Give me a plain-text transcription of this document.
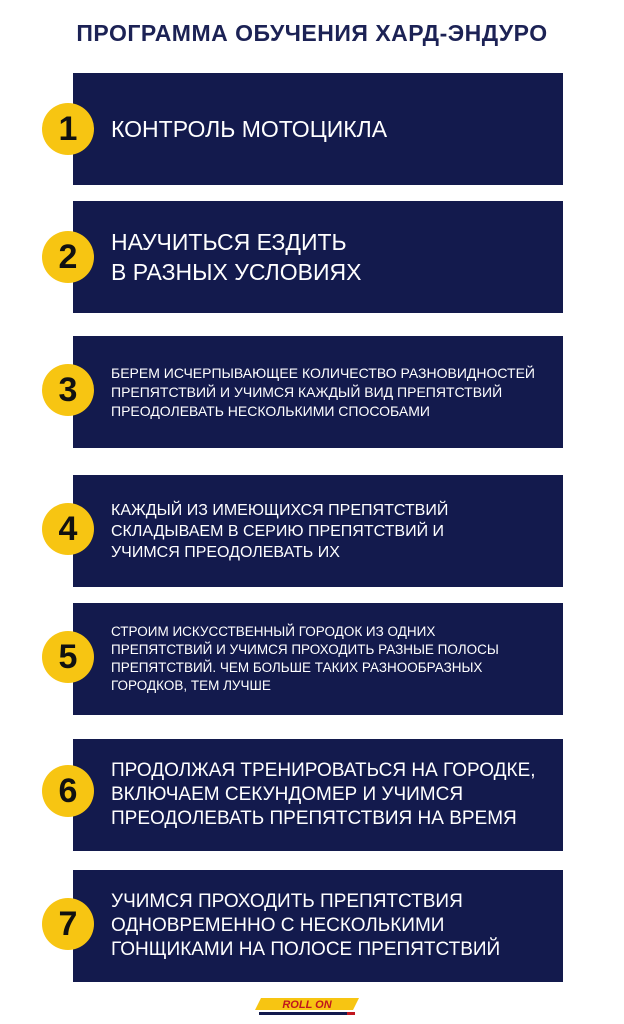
ПРОГРАММА ОБУЧЕНИЯ ХАРД-ЭНДУРО
КОНТРОЛЬ МОТОЦИКЛА
1
НАУЧИТЬСЯ ЕЗДИТЬ
В РАЗНЫХ УСЛОВИЯХ
2
БЕРЕМ ИСЧЕРПЫВАЮЩЕЕ КОЛИЧЕСТВО РАЗНОВИДНОСТЕЙ
ПРЕПЯТСТВИЙ И УЧИМСЯ КАЖДЫЙ ВИД ПРЕПЯТСТВИЙ
ПРЕОДОЛЕВАТЬ НЕСКОЛЬКИМИ СПОСОБАМИ
3
КАЖДЫЙ ИЗ ИМЕЮЩИХСЯ ПРЕПЯТСТВИЙ
СКЛАДЫВАЕМ В СЕРИЮ ПРЕПЯТСТВИЙ И
УЧИМСЯ ПРЕОДОЛЕВАТЬ ИХ
4
СТРОИМ ИСКУССТВЕННЫЙ ГОРОДОК ИЗ ОДНИХ
ПРЕПЯТСТВИЙ И УЧИМСЯ ПРОХОДИТЬ РАЗНЫЕ ПОЛОСЫ
ПРЕПЯТСТВИЙ. ЧЕМ БОЛЬШЕ ТАКИХ РАЗНООБРАЗНЫХ
ГОРОДКОВ, ТЕМ ЛУЧШЕ
5
ПРОДОЛЖАЯ ТРЕНИРОВАТЬСЯ НА ГОРОДКЕ,
ВКЛЮЧАЕМ СЕКУНДОМЕР И УЧИМСЯ
ПРЕОДОЛЕВАТЬ ПРЕПЯТСТВИЯ НА ВРЕМЯ
6
УЧИМСЯ ПРОХОДИТЬ ПРЕПЯТСТВИЯ
ОДНОВРЕМЕННО С НЕСКОЛЬКИМИ
ГОНЩИКАМИ НА ПОЛОСЕ ПРЕПЯТСТВИЙ
7
ROLL ON
